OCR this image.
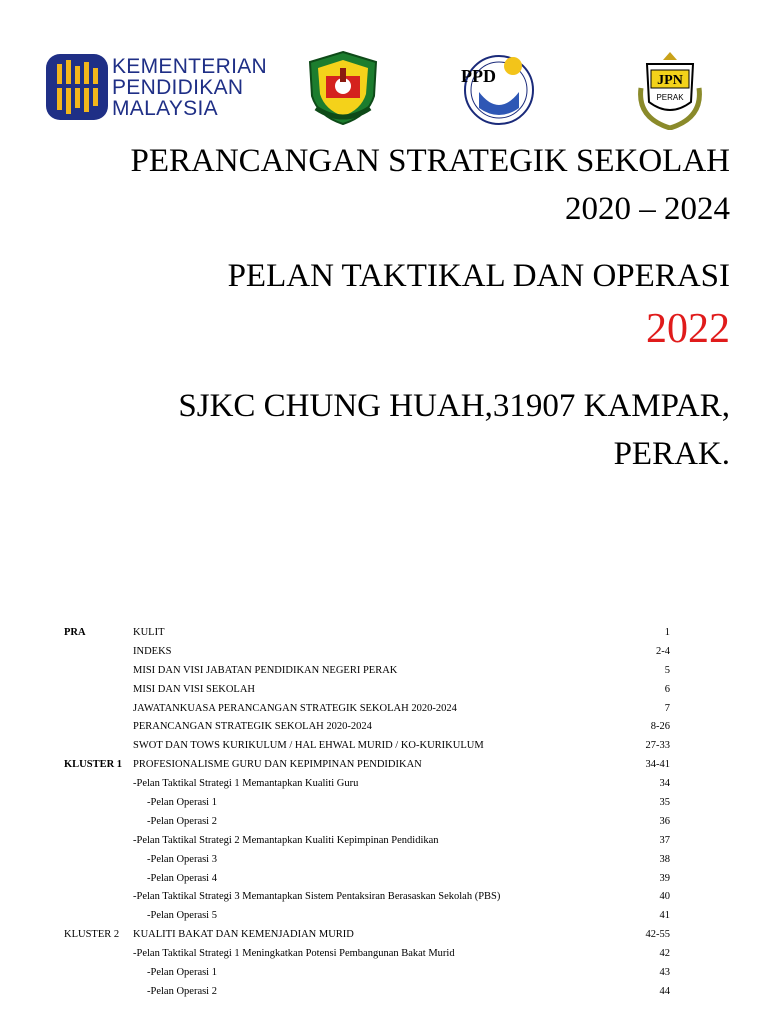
KEMENTERIAN
PENDIDIKAN
MALAYSIA
PPD	JPN
PERAK
PERANCANGAN STRATEGIK SEKOLAH
2020 – 2024
PELAN TAKTIKAL DAN OPERASI
2022
SJKC CHUNG HUAH,31907 KAMPAR,
PERAK.
PRA	KULIT	1
INDEKS	2-4
MISI DAN VISI JABATAN PENDIDIKAN NEGERI PERAK	5
MISI DAN VISI SEKOLAH	6
JAWATANKUASA PERANCANGAN STRATEGIK SEKOLAH 2020-2024	7
PERANCANGAN STRATEGIK SEKOLAH 2020-2024	8-26
SWOT DAN TOWS KURIKULUM / HAL EHWAL MURID / KO-KURIKULUM	27-33
KLUSTER 1 PROFESIONALISME GURU DAN KEPIMPINAN PENDIDIKAN	34-41
-Pelan Taktikal Strategi 1 Memantapkan Kualiti Guru	34
-Pelan Operasi 1	35
-Pelan Operasi 2	36
-Pelan Taktikal Strategi 2 Memantapkan Kualiti Kepimpinan Pendidikan	37
-Pelan Operasi 3	38
-Pelan Operasi 4	39
-Pelan Taktikal Strategi 3 Memantapkan Sistem Pentaksiran Berasaskan Sekolah (PBS)	40
-Pelan Operasi 5	41
KLUSTER 2 KUALITI BAKAT DAN KEMENJADIAN MURID	42-55
-Pelan Taktikal Strategi 1 Meningkatkan Potensi Pembangunan Bakat Murid	42
-Pelan Operasi 1	43
-Pelan Operasi 2	44
